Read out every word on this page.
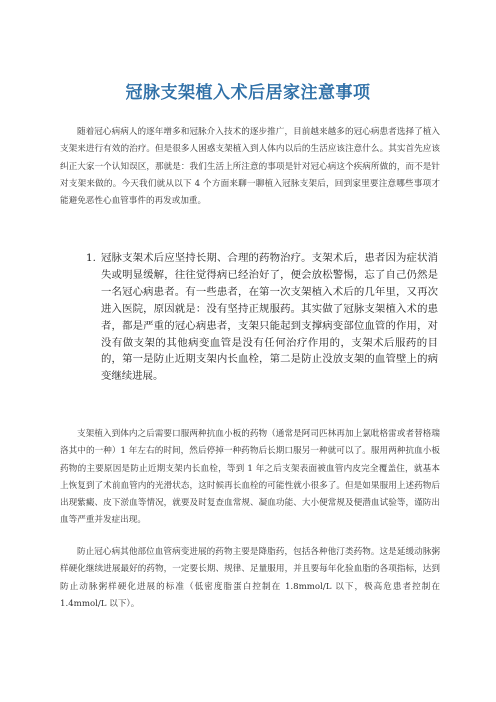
冠脉支架植入术后居家注意事项

随着冠心病病人的逐年增多和冠脉介入技术的逐步推广，目前越来越多的冠心病患者选择了植入支架来进行有效的治疗。但是很多人困惑支架植入到人体内以后的生活应该注意什么。其实首先应该纠正大家一个认知误区，那就是：我们生活上所注意的事项是针对冠心病这个疾病所做的，而不是针对支架来做的。今天我们就从以下 4 个方面来聊一聊植入冠脉支架后，回到家里要注意哪些事项才能避免恶性心血管事件的再发或加重。

1. 冠脉支架术后应坚持长期、合理的药物治疗。支架术后，患者因为症状消失或明显缓解，往往觉得病已经治好了，便会放松警惕，忘了自己仍然是一名冠心病患者。有一些患者，在第一次支架植入术后的几年里，又再次进入医院，原因就是：没有坚持正规服药。其实做了冠脉支架植入术的患者，都是严重的冠心病患者，支架只能起到支撑病变部位血管的作用，对没有做支架的其他病变血管是没有任何治疗作用的，支架术后服药的目的，第一是防止近期支架内长血栓，第二是防止没放支架的血管壁上的病变继续进展。

支架植入到体内之后需要口服两种抗血小板的药物（通常是阿司匹林再加上氯吡格雷或者替格瑞洛其中的一种）1 年左右的时间，然后停掉一种药物后长期口服另一种就可以了。服用两种抗血小板药物的主要原因是防止近期支架内长血栓，等到 1 年之后支架表面被血管内皮完全覆盖住，就基本上恢复到了术前血管内的光滑状态，这时候再长血栓的可能性就小很多了。但是如果服用上述药物后出现紫癜、皮下淤血等情况，就要及时复查血常规、凝血功能、大小便常规及便潜血试验等，谨防出血等严重并发症出现。

防止冠心病其他部位血管病变进展的药物主要是降脂药，包括各种他汀类药物。这是延缓动脉粥样硬化继续进展最好的药物，一定要长期、规律、足量服用，并且要每年化验血脂的各项指标，达到防止动脉粥样硬化进展的标准（低密度脂蛋白控制在 1.8mmol/L 以下，极高危患者控制在 1.4mmol/L 以下）。
